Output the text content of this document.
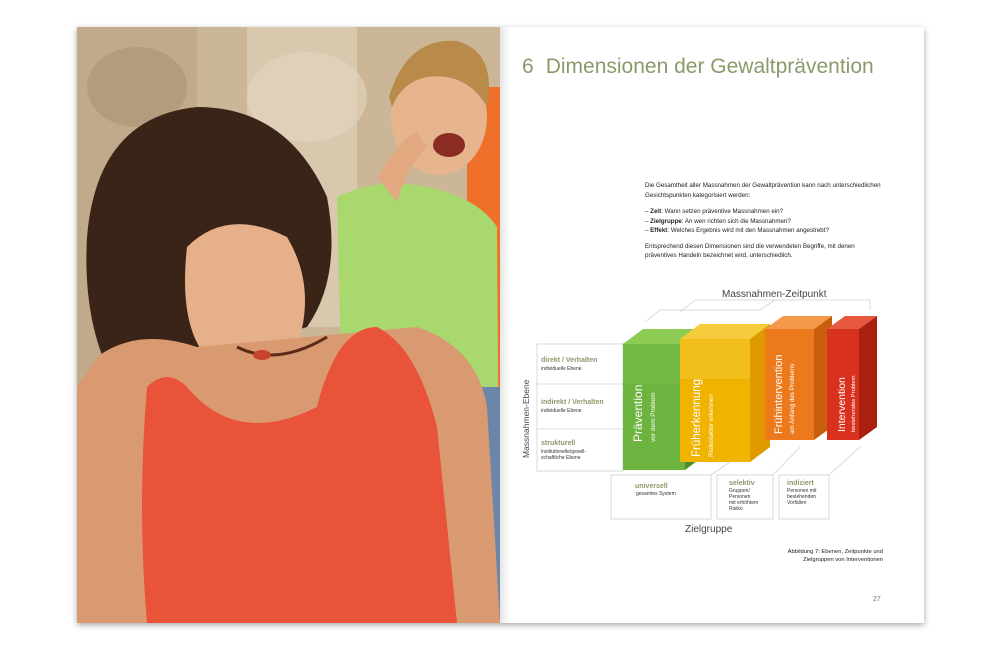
6 Dimensionen der Gewaltprävention

Die Gesamtheit aller Massnahmen der Gewaltprävention kann nach unterschiedlichen Gesichtspunkten kategorisiert werden:

– Zeit: Wann setzen präventive Massnahmen ein?
– Zielgruppe: An wen richten sich die Massnahmen?
– Effekt: Welches Ergebnis wird mit den Massnahmen angestrebt?

Entsprechend diesen Dimensionen sind die verwendeten Begriffe, mit denen präventives Handeln bezeichnet wird, unterschiedlich.

Massnahmen-Zeitpunkt
Massnahmen-Ebene
direkt / Verhalten
individuelle Ebene
indirekt / Verhalten
individuelle Ebene
strukturell
institutionelle/gesell-
schaftliche Ebene
Prävention vor dem Problem	Früherkennung Risikofaktor erkennen	Frühintervention am Anfang des Problems	Intervention bestehendes Problem
universell
gesamtes System
selektiv
Gruppen/
Personen
mit erhöhtem
Risiko
indiziert
Personen mit
bestehenden
Vorfällen
Zielgruppe
Abbildung 7: Ebenen, Zeitpunkte und
Zielgruppen von Interventionen
27
